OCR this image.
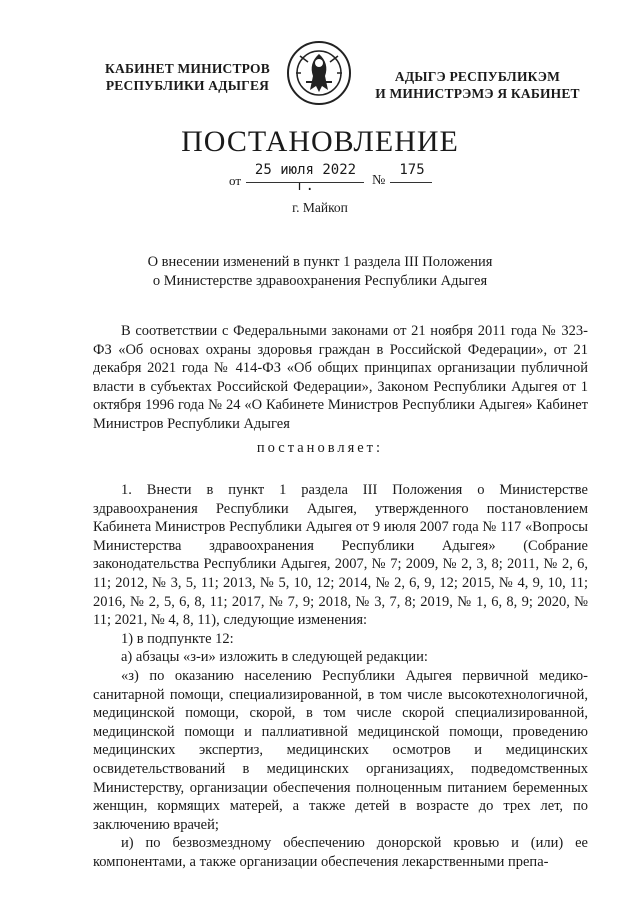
КАБИНЕТ МИНИСТРОВ
РЕСПУБЛИКИ АДЫГЕЯ
АДЫГЭ РЕСПУБЛИКЭМ
И МИНИСТРЭМЭ Я КАБИНЕТ
ПОСТАНОВЛЕНИЕ
от
25 июля 2022 г.	№
175
г. Майкоп
О внесении изменений в пункт 1 раздела III Положения
о Министерстве здравоохранения Республики Адыгея
В соответствии с Федеральными законами от 21 ноября 2011 года № 323-ФЗ «Об основах охраны здоровья граждан в Российской Федерации», от 21 декабря 2021 года № 414-ФЗ «Об общих принципах организации публичной власти в субъектах Российской Федерации», Законом Республики Адыгея от 1 октября 1996 года № 24 «О Кабинете Министров Республики Адыгея» Кабинет Министров Республики Адыгея
постановляет:
1. Внести в пункт 1 раздела III Положения о Министерстве здравоохранения Республики Адыгея, утвержденного постановлением Кабинета Министров Республики Адыгея от 9 июля 2007 года № 117 «Вопросы Министерства здравоохранения Республики Адыгея» (Собрание законодательства Республики Адыгея, 2007, № 7; 2009, № 2, 3, 8; 2011, № 2, 6, 11; 2012, № 3, 5, 11; 2013, № 5, 10, 12; 2014, № 2, 6, 9, 12; 2015, № 4, 9, 10, 11; 2016, № 2, 5, 6, 8, 11; 2017, № 7, 9; 2018, № 3, 7, 8; 2019, № 1, 6, 8, 9; 2020, № 11; 2021, № 4, 8, 11), следующие изменения:
1) в подпункте 12:
а) абзацы «з-и» изложить в следующей редакции:
«з) по оказанию населению Республики Адыгея первичной медико-санитарной помощи, специализированной, в том числе высокотехнологичной, медицинской помощи, скорой, в том числе скорой специализированной, медицинской помощи и паллиативной медицинской помощи, проведению медицинских экспертиз, медицинских осмотров и медицинских освидетельствований в медицинских организациях, подведомственных Министерству, организации обеспечения полноценным питанием беременных женщин, кормящих матерей, а также детей в возрасте до трех лет, по заключению врачей;
и) по безвозмездному обеспечению донорской кровью и (или) ее компонентами, а также организации обеспечения лекарственными препа-
